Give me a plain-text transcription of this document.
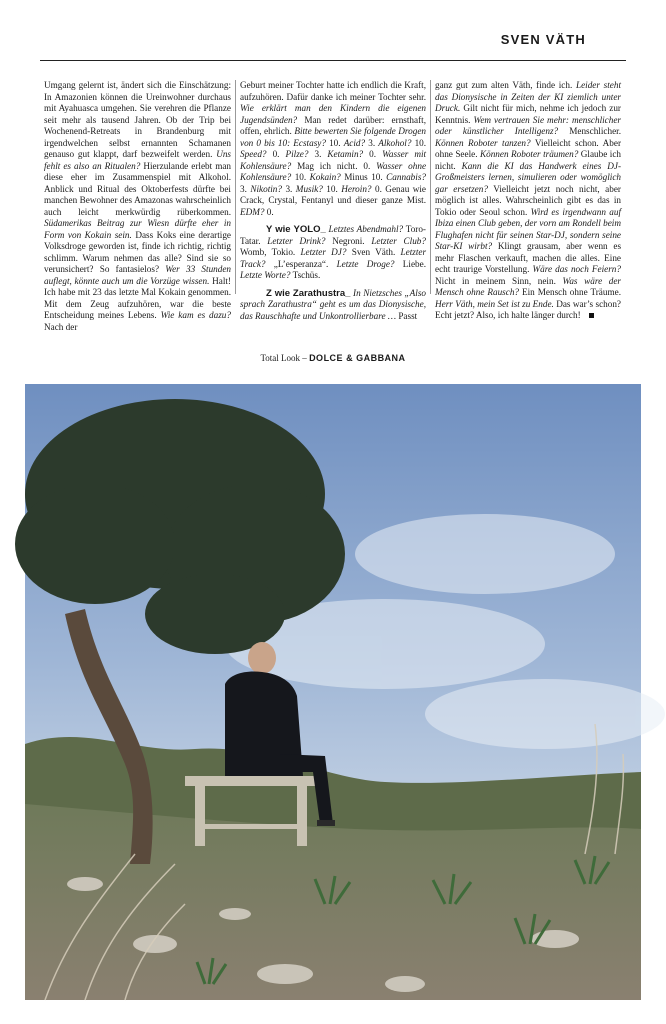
SVEN VÄTH

Umgang gelernt ist, ändert sich die Einschätzung: In Amazonien können die Ureinwohner durchaus mit Ayahuasca umgehen. Sie verehren die Pflanze seit mehr als tausend Jahren. Ob der Trip bei Wochenend-Retreats in Brandenburg mit irgendwelchen selbst ernannten Schamanen genauso gut klappt, darf bezweifelt werden. Uns fehlt es also an Ritualen? Hierzulande erlebt man diese eher im Zusammenspiel mit Alkohol. Anblick und Ritual des Oktoberfests dürfte bei manchen Bewohner des Amazonas wahrscheinlich auch leicht merkwürdig rüberkommen. Südamerikas Beitrag zur Wiesn dürfte eher in Form von Kokain sein. Dass Koks eine derartige Volksdroge geworden ist, finde ich richtig, richtig schlimm. Warum nehmen das alle? Sind sie so verunsichert? So fantasielos? Wer 33 Stunden auflegt, könnte auch um die Vorzüge wissen. Halt! Ich habe mit 23 das letzte Mal Kokain genommen. Mit dem Zeug aufzuhören, war die beste Entscheidung meines Lebens. Wie kam es dazu? Nach der

Geburt meiner Tochter hatte ich endlich die Kraft, aufzuhören. Dafür danke ich meiner Tochter sehr. Wie erklärt man den Kindern die eigenen Jugendsünden? Man redet darüber: ernsthaft, offen, ehrlich. Bitte bewerten Sie folgende Drogen von 0 bis 10: Ecstasy? 10. Acid? 3. Alkohol? 10. Speed? 0. Pilze? 3. Ketamin? 0. Wasser mit Kohlensäure? Mag ich nicht. 0. Wasser ohne Kohlensäure? 10. Kokain? Minus 10. Cannabis? 3. Nikotin? 3. Musik? 10. Heroin? 0. Genau wie Crack, Crystal, Fentanyl und dieser ganze Mist. EDM? 0.

Y wie YOLO_ Letztes Abendmahl? Toro-Tatar. Letzter Drink? Negroni. Letzter Club? Womb, Tokio. Letzter DJ? Sven Väth. Letzter Track? „L’esperanza“. Letzte Droge? Liebe. Letzte Worte? Tschüs.

Z wie Zarathustra_ In Nietzsches „Also sprach Zarathustra“ geht es um das Dionysische, das Rauschhafte und Unkontrollierbare … Passt

ganz gut zum alten Väth, finde ich. Leider steht das Dionysische in Zeiten der KI ziemlich unter Druck. Gilt nicht für mich, nehme ich jedoch zur Kenntnis. Wem vertrauen Sie mehr: menschlicher oder künstlicher Intelligenz? Menschlicher. Können Roboter tanzen? Vielleicht schon. Aber ohne Seele. Können Roboter träumen? Glaube ich nicht. Kann die KI das Handwerk eines DJ-Großmeisters lernen, simulieren oder womöglich gar ersetzen? Vielleicht jetzt noch nicht, aber möglich ist alles. Wahrscheinlich gibt es das in Tokio oder Seoul schon. Wird es irgendwann auf Ibiza einen Club geben, der vorn am Rondell beim Flughafen nicht für seinen Star-DJ, sondern seine Star-KI wirbt? Klingt grausam, aber wenn es mehr Flaschen verkauft, machen die alles. Eine echt traurige Vorstellung. Wäre das noch Feiern? Nicht in meinem Sinn, nein. Was wäre der Mensch ohne Rausch? Ein Mensch ohne Träume. Herr Väth, mein Set ist zu Ende. Das war’s schon? Echt jetzt? Also, ich halte länger durch!

Total Look – DOLCE & GABBANA
